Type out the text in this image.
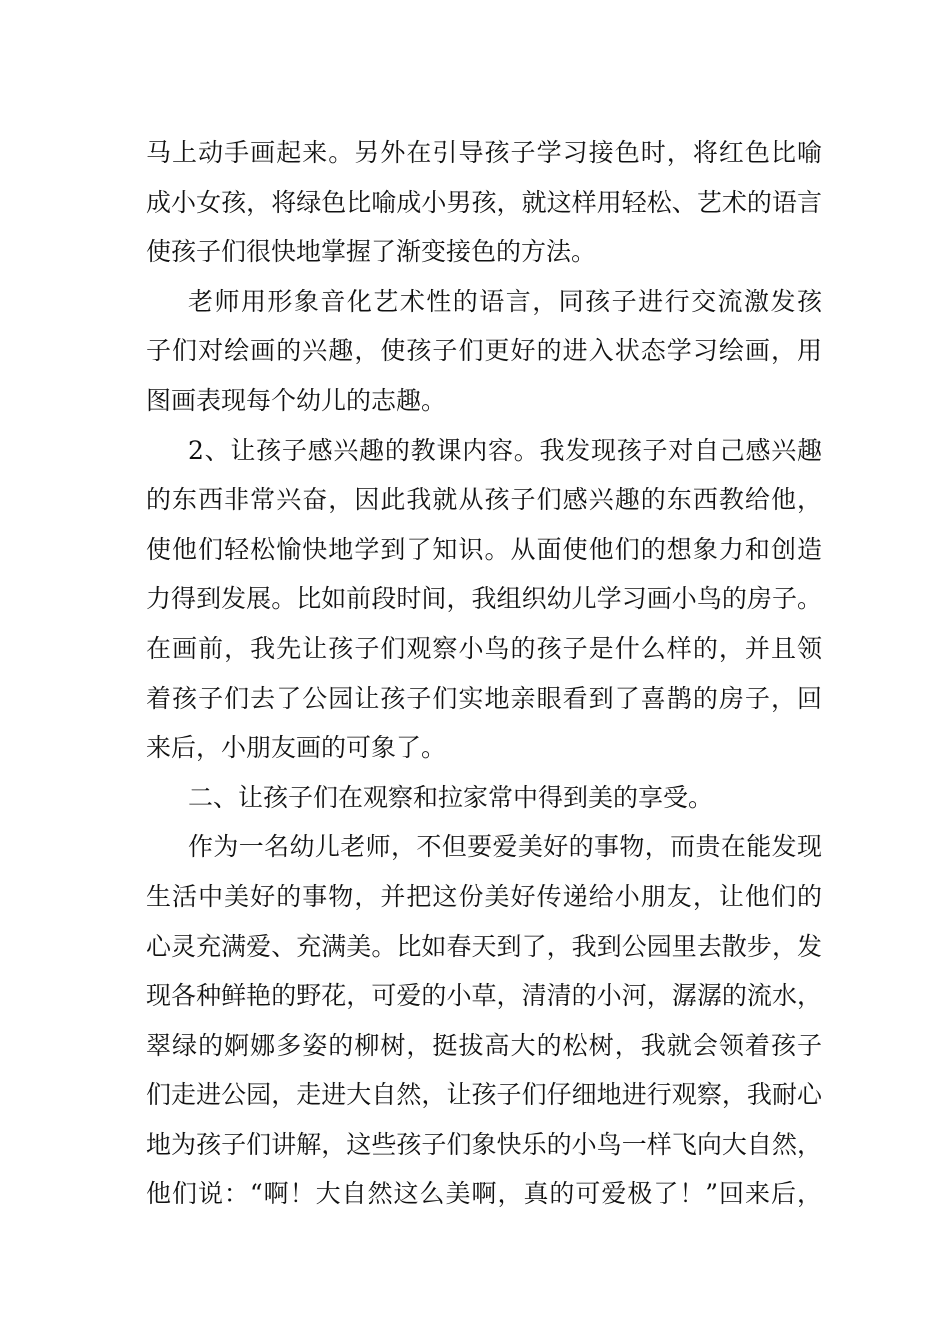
马上动手画起来。另外在引导孩子学习接色时，将红色比喻
成小女孩，将绿色比喻成小男孩，就这样用轻松、艺术的语言
使孩子们很快地掌握了渐变接色的方法。
老师用形象音化艺术性的语言，同孩子进行交流激发孩
子们对绘画的兴趣，使孩子们更好的进入状态学习绘画，用
图画表现每个幼儿的志趣。
2、让孩子感兴趣的教课内容。我发现孩子对自己感兴趣
的东西非常兴奋，因此我就从孩子们感兴趣的东西教给他，
使他们轻松愉快地学到了知识。从面使他们的想象力和创造
力得到发展。比如前段时间，我组织幼儿学习画小鸟的房子。
在画前，我先让孩子们观察小鸟的孩子是什么样的，并且领
着孩子们去了公园让孩子们实地亲眼看到了喜鹊的房子，回
来后，小朋友画的可象了。
二、让孩子们在观察和拉家常中得到美的享受。
作为一名幼儿老师，不但要爱美好的事物，而贵在能发现
生活中美好的事物，并把这份美好传递给小朋友，让他们的
心灵充满爱、充满美。比如春天到了，我到公园里去散步，发
现各种鲜艳的野花，可爱的小草，清清的小河，潺潺的流水，
翠绿的婀娜多姿的柳树，挺拔高大的松树，我就会领着孩子
们走进公园，走进大自然，让孩子们仔细地进行观察，我耐心
地为孩子们讲解，这些孩子们象快乐的小鸟一样飞向大自然，
他们说：“啊！大自然这么美啊，真的可爱极了！”回来后，
